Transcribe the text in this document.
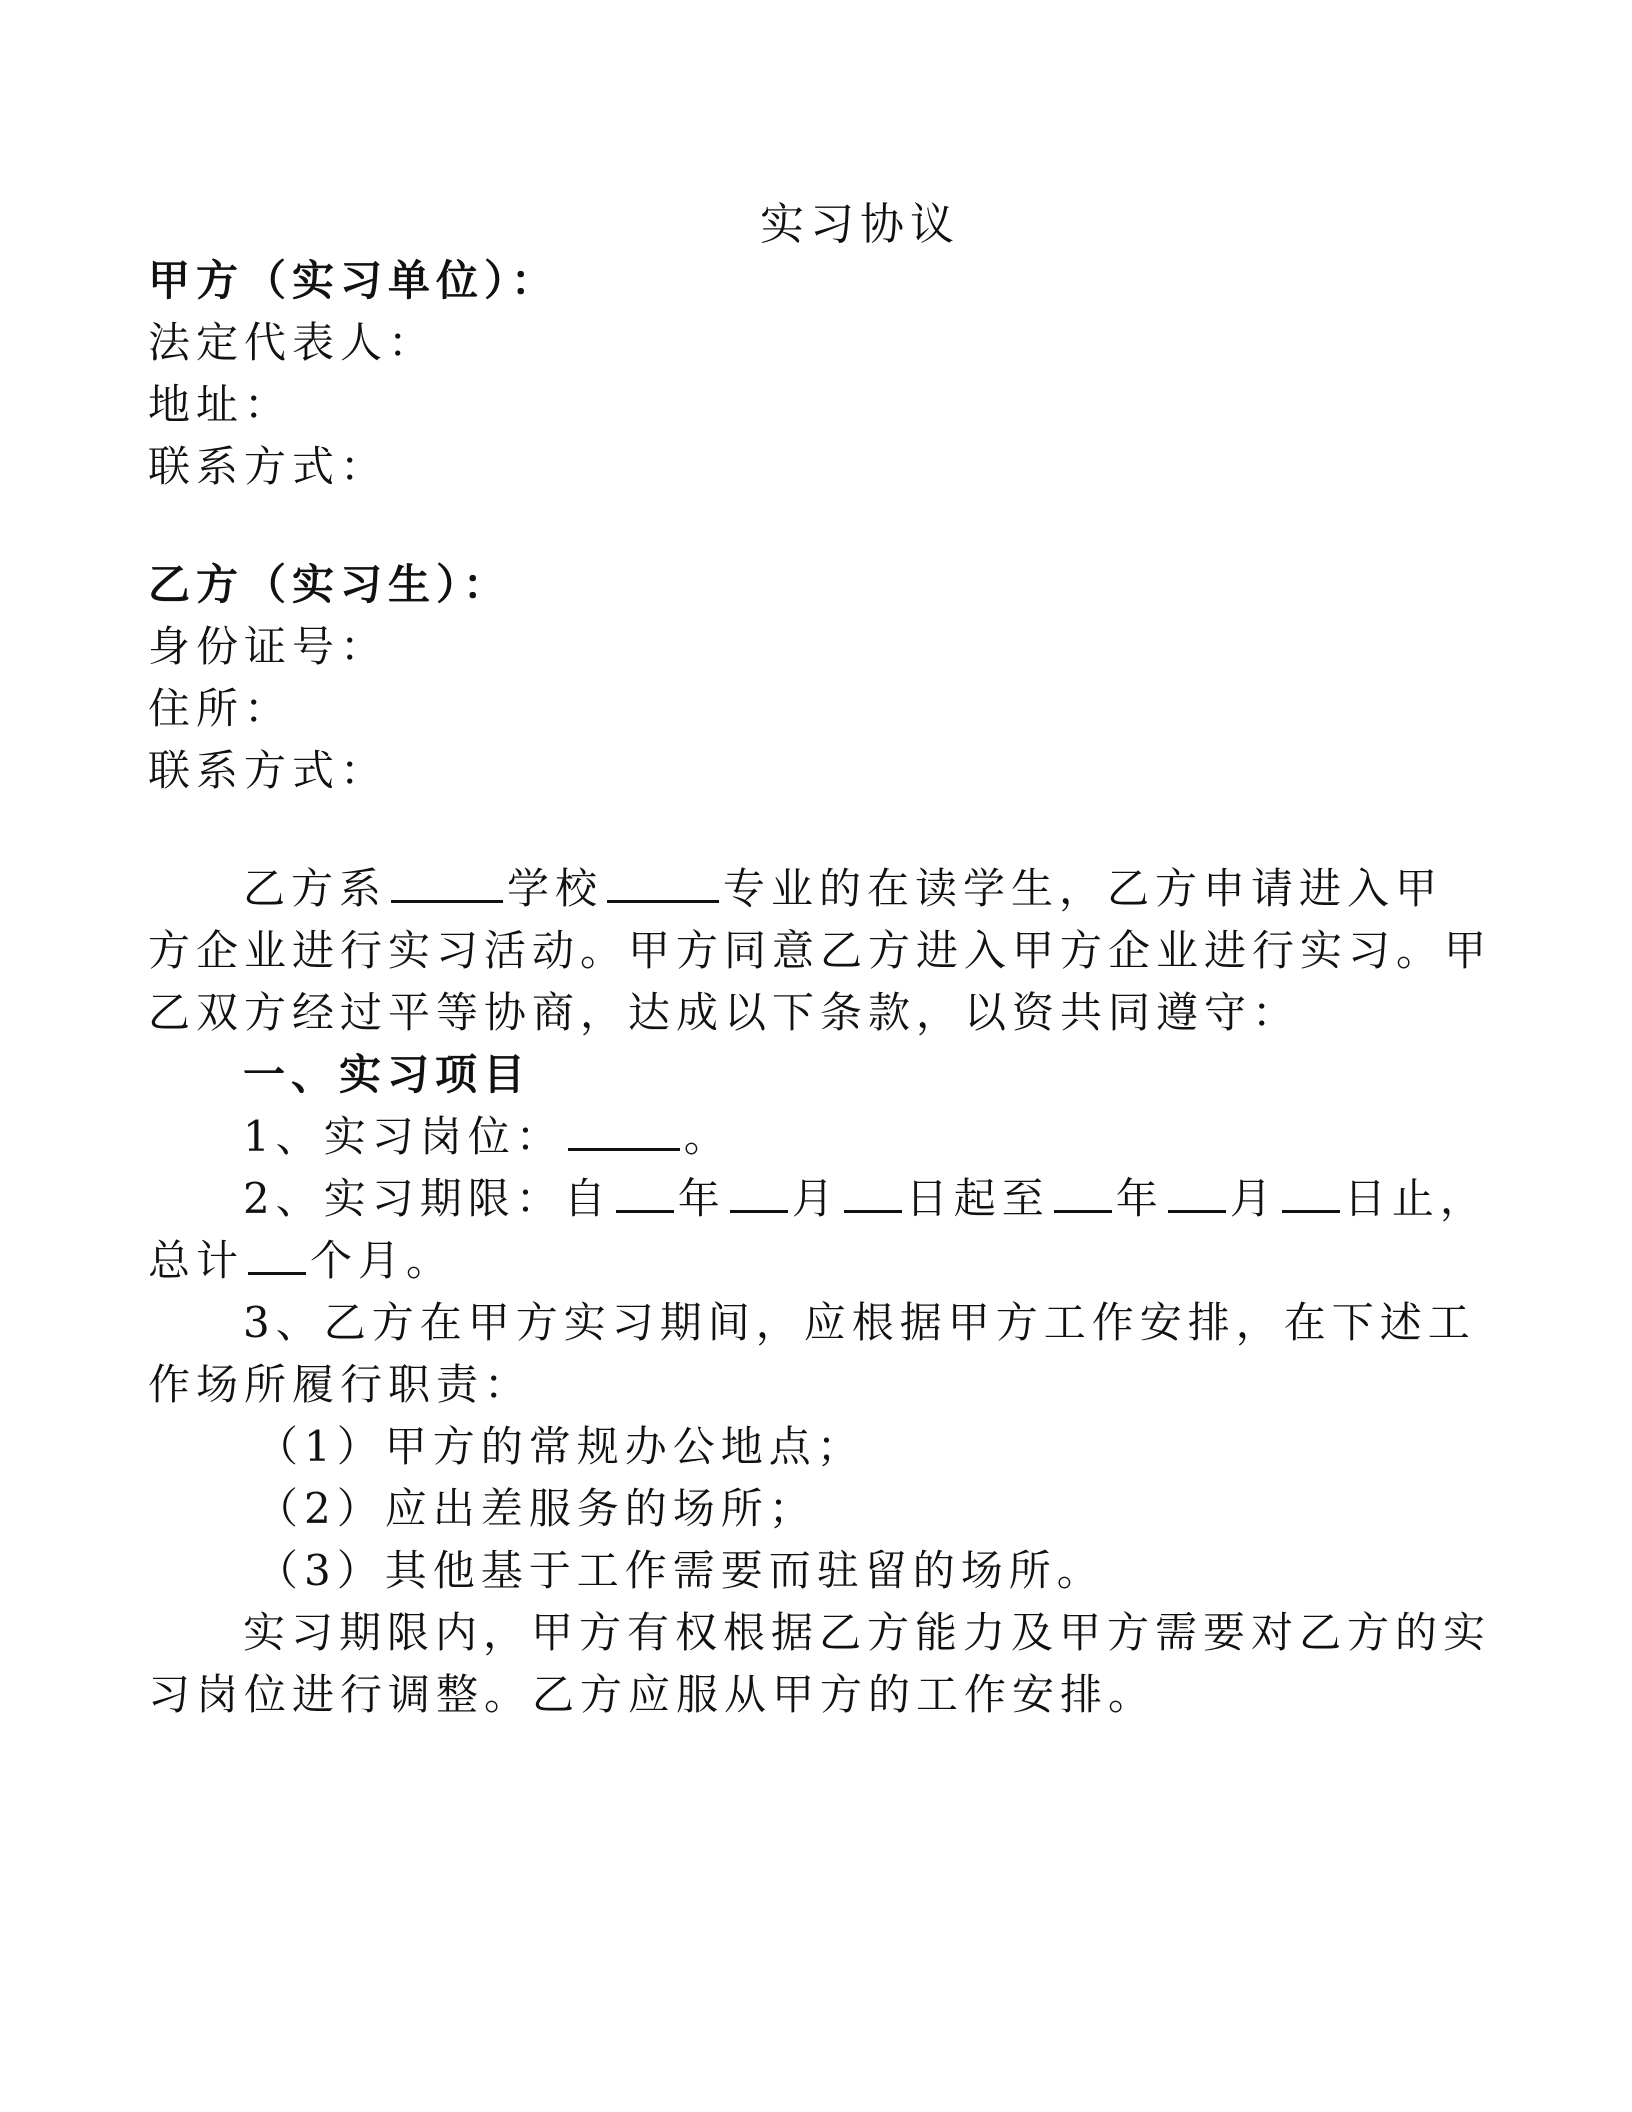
实习协议
甲方（实习单位）：
法定代表人：
地址：
联系方式：
乙方（实习生）：
身份证号：
住所：
联系方式：
乙方系	学校	专业的在读学生，乙方申请进入甲
方企业进行实习活动。甲方同意乙方进入甲方企业进行实习。甲
乙双方经过平等协商，达成以下条款，以资共同遵守：
一、实习项目
1、实习岗位：	。
2、实习期限：自 年 月 日起至 年 月 日止，
总计 个月。
3、乙方在甲方实习期间，应根据甲方工作安排，在下述工
作场所履行职责：
（1）甲方的常规办公地点；
（2）应出差服务的场所；
（3）其他基于工作需要而驻留的场所。
实习期限内，甲方有权根据乙方能力及甲方需要对乙方的实
习岗位进行调整。乙方应服从甲方的工作安排。
